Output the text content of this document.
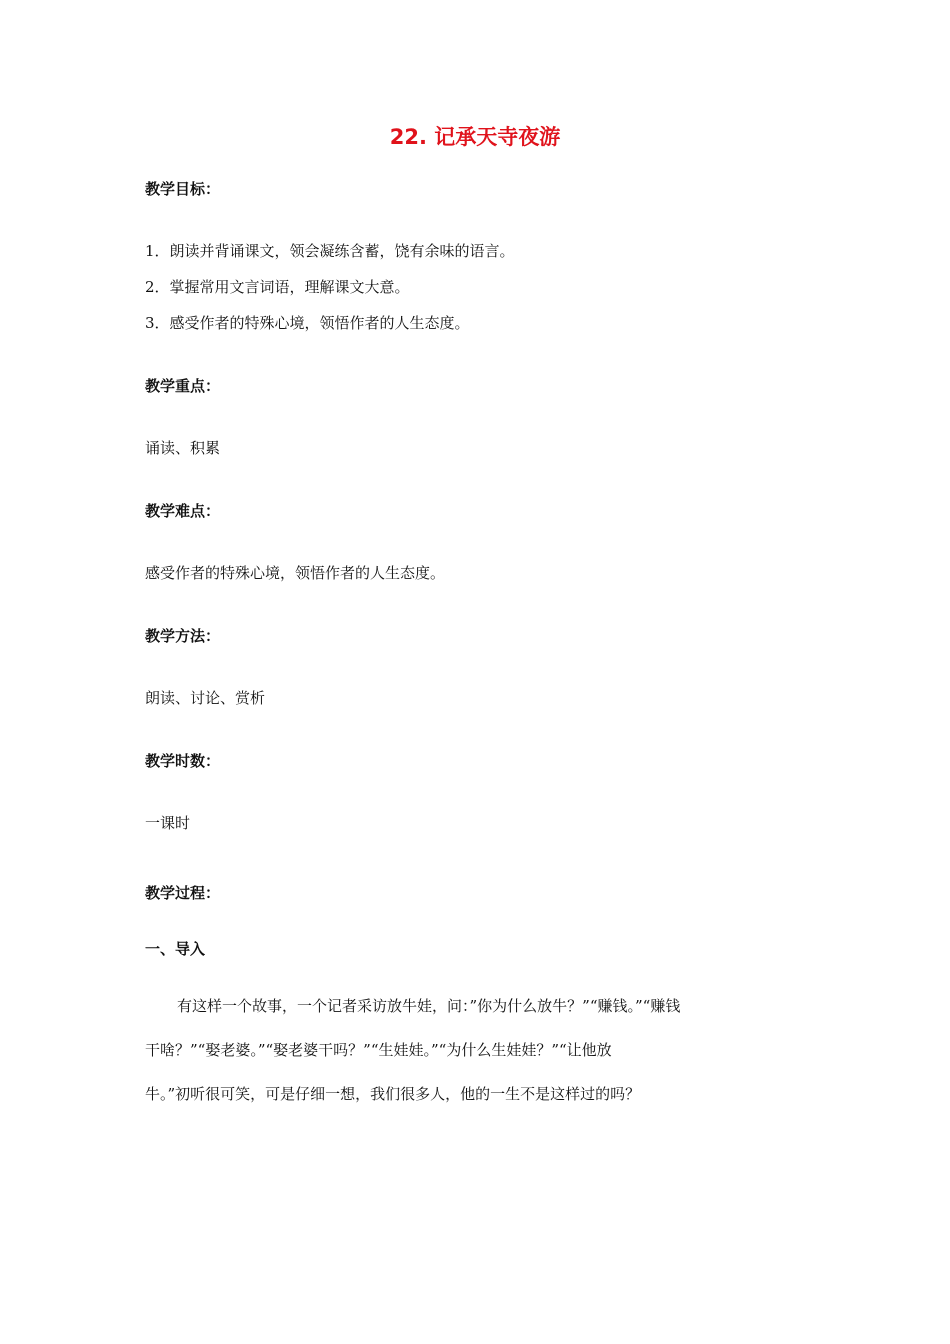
22. 记承天寺夜游
教学目标：
1．朗读并背诵课文，领会凝练含蓄，饶有余味的语言。
2．掌握常用文言词语，理解课文大意。
3．感受作者的特殊心境，领悟作者的人生态度。
教学重点：
诵读、积累
教学难点：
感受作者的特殊心境，领悟作者的人生态度。
教学方法：
朗读、讨论、赏析
教学时数：
一课时
教学过程：
一、导入
有这样一个故事，一个记者采访放牛娃，问：”你为什么放牛？”“赚钱。”“赚钱
干啥？”“娶老婆。”“娶老婆干吗？”“生娃娃。”“为什么生娃娃？”“让他放
牛。”初听很可笑，可是仔细一想，我们很多人，他的一生不是这样过的吗？
